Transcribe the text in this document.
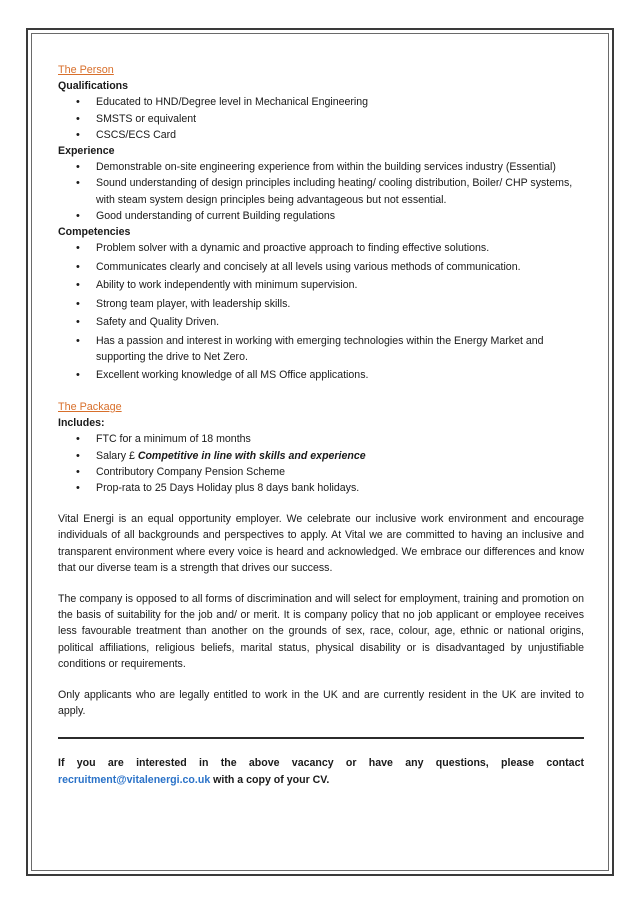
The Person
Qualifications
• Educated to HND/Degree level in Mechanical Engineering
• SMSTS or equivalent
• CSCS/ECS Card
Experience
• Demonstrable on-site engineering experience from within the building services industry (Essential)
• Sound understanding of design principles including heating/ cooling distribution, Boiler/ CHP systems, with steam system design principles being advantageous but not essential.
• Good understanding of current Building regulations
Competencies
• Problem solver with a dynamic and proactive approach to finding effective solutions.
• Communicates clearly and concisely at all levels using various methods of communication.
• Ability to work independently with minimum supervision.
• Strong team player, with leadership skills.
• Safety and Quality Driven.
• Has a passion and interest in working with emerging technologies within the Energy Market and supporting the drive to Net Zero.
• Excellent working knowledge of all MS Office applications.
The Package
Includes:
• FTC for a minimum of 18 months
• Salary £ Competitive in line with skills and experience
• Contributory Company Pension Scheme
• Prop-rata to 25 Days Holiday plus 8 days bank holidays.

Vital Energi is an equal opportunity employer. We celebrate our inclusive work environment and encourage individuals of all backgrounds and perspectives to apply. At Vital we are committed to having an inclusive and transparent environment where every voice is heard and acknowledged. We embrace our differences and know that our diverse team is a strength that drives our success.

The company is opposed to all forms of discrimination and will select for employment, training and promotion on the basis of suitability for the job and/ or merit. It is company policy that no job applicant or employee receives less favourable treatment than another on the grounds of sex, race, colour, age, ethnic or national origins, political affiliations, religious beliefs, marital status, physical disability or is disadvantaged by unjustifiable conditions or requirements.

Only applicants who are legally entitled to work in the UK and are currently resident in the UK are invited to apply.

If you are interested in the above vacancy or have any questions, please contact recruitment@vitalenergi.co.uk with a copy of your CV.
